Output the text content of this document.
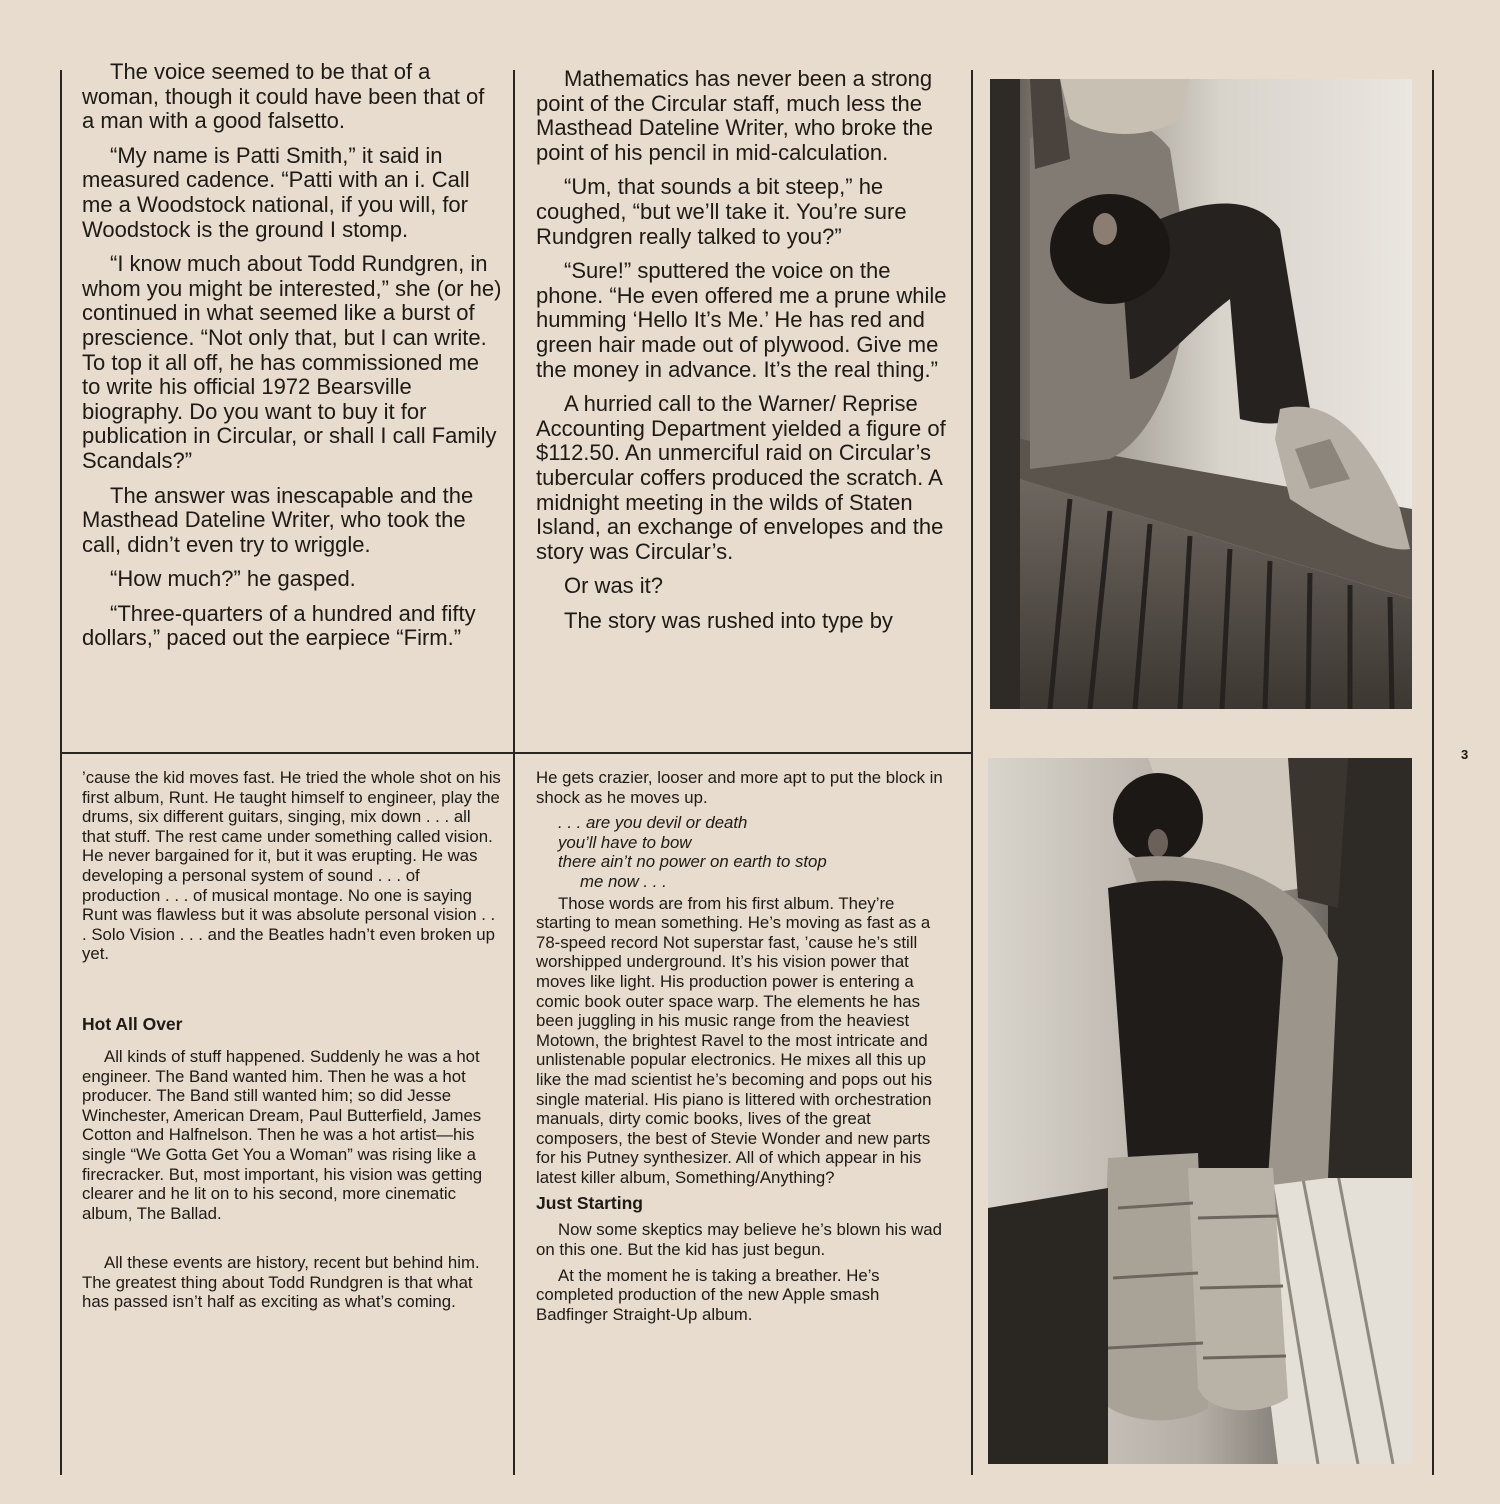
The voice seemed to be that of a woman, though it could have been that of a man with a good falsetto.

“My name is Patti Smith,” it said in measured cadence. “Patti with an i. Call me a Woodstock national, if you will, for Woodstock is the ground I stomp.

“I know much about Todd Rundgren, in whom you might be interested,” she (or he) continued in what seemed like a burst of prescience. “Not only that, but I can write. To top it all off, he has commissioned me to write his official 1972 Bearsville biography. Do you want to buy it for publication in Circular, or shall I call Family Scandals?”

The answer was inescapable and the Masthead Dateline Writer, who took the call, didn’t even try to wriggle.

“How much?” he gasped.

“Three-quarters of a hundred and fifty dollars,” paced out the earpiece “Firm.”

Mathematics has never been a strong point of the Circular staff, much less the Masthead Dateline Writer, who broke the point of his pencil in mid-calculation.

“Um, that sounds a bit steep,” he coughed, “but we’ll take it. You’re sure Rundgren really talked to you?”

“Sure!” sputtered the voice on the phone. “He even offered me a prune while humming ‘Hello It’s Me.’ He has red and green hair made out of plywood. Give me the money in advance. It’s the real thing.”

A hurried call to the Warner/ Reprise Accounting Department yielded a figure of $112.50. An unmerciful raid on Circular’s tubercular coffers produced the scratch. A midnight meeting in the wilds of Staten Island, an exchange of envelopes and the story was Circular’s.

Or was it?

The story was rushed into type by

’cause the kid moves fast. He tried the whole shot on his first album, Runt. He taught himself to engineer, play the drums, six different guitars, singing, mix down . . . all that stuff. The rest came under something called vision. He never bargained for it, but it was erupting. He was developing a personal system of sound . . . of production . . . of musical montage. No one is saying Runt was flawless but it was absolute personal vision . . . Solo Vision . . . and the Beatles hadn’t even broken up yet.

Hot All Over

All kinds of stuff happened. Suddenly he was a hot engineer. The Band wanted him. Then he was a hot producer. The Band still wanted him; so did Jesse Winchester, American Dream, Paul Butterfield, James Cotton and Halfnelson. Then he was a hot artist—his single “We Gotta Get You a Woman” was rising like a firecracker. But, most important, his vision was getting clearer and he lit on to his second, more cinematic album, The Ballad.

All these events are history, recent but behind him. The greatest thing about Todd Rundgren is that what has passed isn’t half as exciting as what’s coming.

He gets crazier, looser and more apt to put the block in shock as he moves up.

. . . are you devil or death
you’ll have to bow
there ain’t no power on earth to stop
me now . . .

Those words are from his first album. They’re starting to mean something. He’s moving as fast as a 78-speed record Not superstar fast, ’cause he’s still worshipped underground. It’s his vision power that moves like light. His production power is entering a comic book outer space warp. The elements he has been juggling in his music range from the heaviest Motown, the brightest Ravel to the most intricate and unlistenable popular electronics. He mixes all this up like the mad scientist he’s becoming and pops out his single material. His piano is littered with orchestration manuals, dirty comic books, lives of the great composers, the best of Stevie Wonder and new parts for his Putney synthesizer. All of which appear in his latest killer album, Something/Anything?

Just Starting

Now some skeptics may believe he’s blown his wad on this one. But the kid has just begun.

At the moment he is taking a breather. He’s completed production of the new Apple smash Badfinger Straight-Up album.

3
